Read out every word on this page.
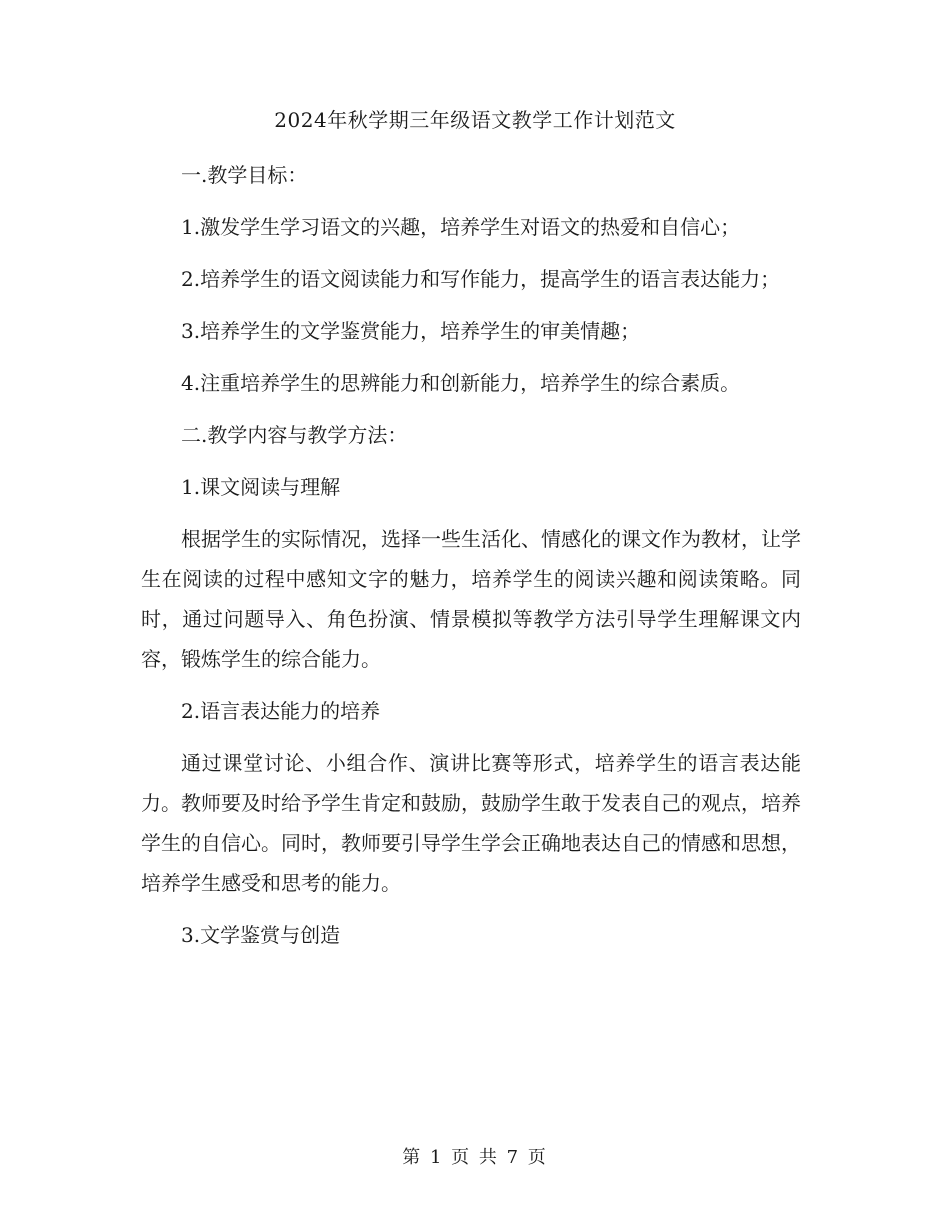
2024年秋学期三年级语文教学工作计划范文

一.教学目标：

1.激发学生学习语文的兴趣，培养学生对语文的热爱和自信心；

2.培养学生的语文阅读能力和写作能力，提高学生的语言表达能力；

3.培养学生的文学鉴赏能力，培养学生的审美情趣；

4.注重培养学生的思辨能力和创新能力，培养学生的综合素质。

二.教学内容与教学方法：

1.课文阅读与理解

根据学生的实际情况，选择一些生活化、情感化的课文作为教材，让学生在阅读的过程中感知文字的魅力，培养学生的阅读兴趣和阅读策略。同时，通过问题导入、角色扮演、情景模拟等教学方法引导学生理解课文内容，锻炼学生的综合能力。

2.语言表达能力的培养

通过课堂讨论、小组合作、演讲比赛等形式，培养学生的语言表达能力。教师要及时给予学生肯定和鼓励，鼓励学生敢于发表自己的观点，培养学生的自信心。同时，教师要引导学生学会正确地表达自己的情感和思想，培养学生感受和思考的能力。

3.文学鉴赏与创造

第 1 页 共 7 页
